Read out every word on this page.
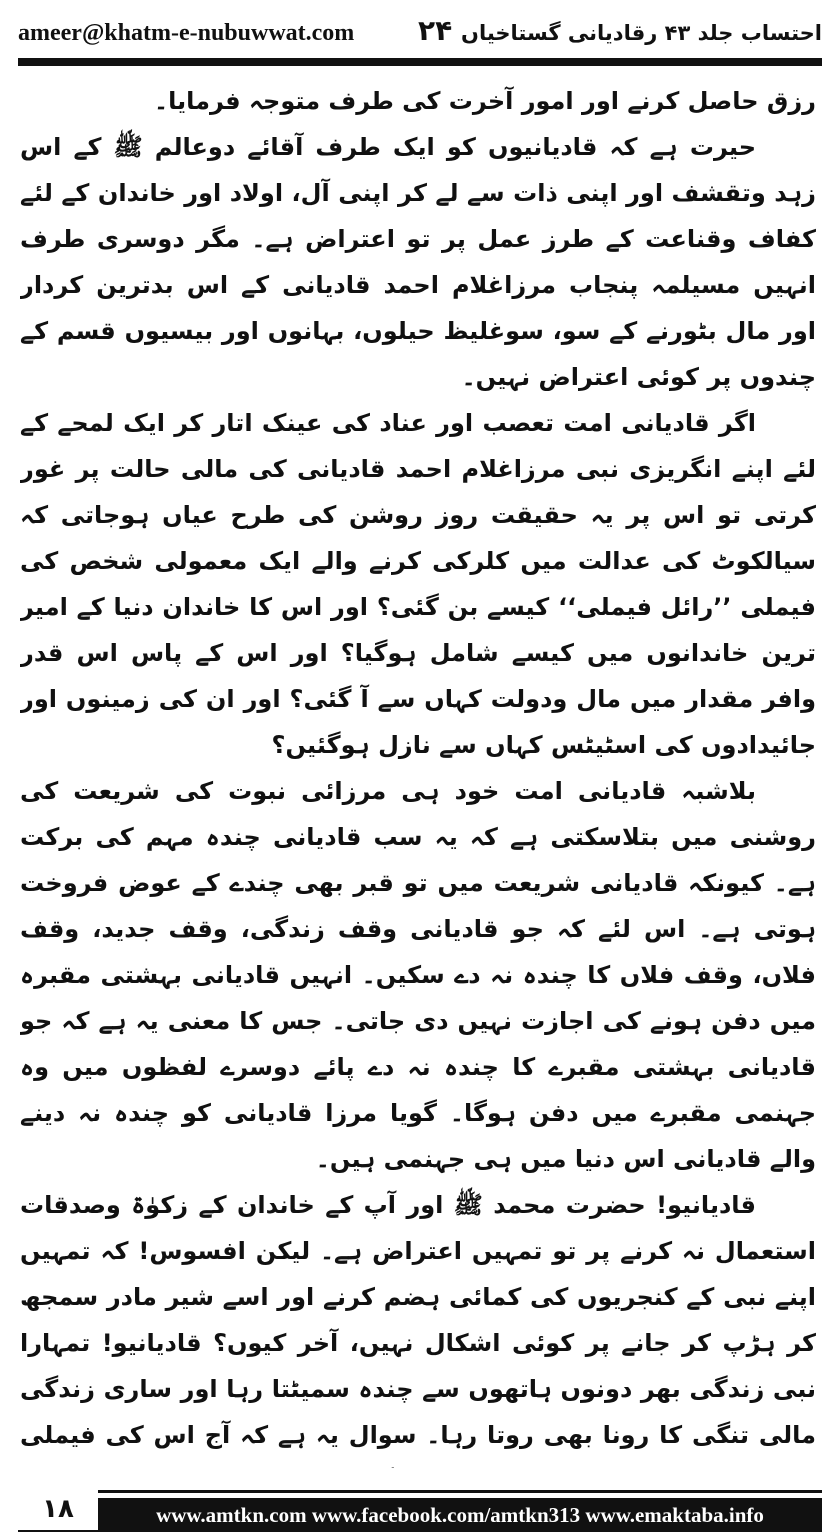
ameer@khatm-e-nubuwwat.com ۲۴ احتساب جلد ۴۳ رقادیانی گستاخیاں

رزق حاصل کرنے اور امور آخرت کی طرف متوجہ فرمایا۔

حیرت ہے کہ قادیانیوں کو ایک طرف آقائے دوعالم ﷺ کے اس زہد وتقشف اور اپنی ذات سے لے کر اپنی آل، اولاد اور خاندان کے لئے کفاف وقناعت کے طرز عمل پر تو اعتراض ہے۔ مگر دوسری طرف انہیں مسیلمہ پنجاب مرزاغلام احمد قادیانی کے اس بدترین کردار اور مال بٹورنے کے سو، سوغلیظ حیلوں، بہانوں اور بیسیوں قسم کے چندوں پر کوئی اعتراض نہیں۔

اگر قادیانی امت تعصب اور عناد کی عینک اتار کر ایک لمحے کے لئے اپنے انگریزی نبی مرزاغلام احمد قادیانی کی مالی حالت پر غور کرتی تو اس پر یہ حقیقت روز روشن کی طرح عیاں ہوجاتی کہ سیالکوٹ کی عدالت میں کلرکی کرنے والے ایک معمولی شخص کی فیملی ’’رائل فیملی‘‘ کیسے بن گئی؟ اور اس کا خاندان دنیا کے امیر ترین خاندانوں میں کیسے شامل ہوگیا؟ اور اس کے پاس اس قدر وافر مقدار میں مال ودولت کہاں سے آ گئی؟ اور ان کی زمینوں اور جائیدادوں کی اسٹیٹس کہاں سے نازل ہوگئیں؟

بلاشبہ قادیانی امت خود ہی مرزائی نبوت کی شریعت کی روشنی میں بتلاسکتی ہے کہ یہ سب قادیانی چندہ مہم کی برکت ہے۔ کیونکہ قادیانی شریعت میں تو قبر بھی چندے کے عوض فروخت ہوتی ہے۔ اس لئے کہ جو قادیانی وقف زندگی، وقف جدید، وقف فلاں، وقف فلاں کا چندہ نہ دے سکیں۔ انہیں قادیانی بہشتی مقبرہ میں دفن ہونے کی اجازت نہیں دی جاتی۔ جس کا معنی یہ ہے کہ جو قادیانی بہشتی مقبرے کا چندہ نہ دے پائے دوسرے لفظوں میں وہ جہنمی مقبرے میں دفن ہوگا۔ گویا مرزا قادیانی کو چندہ نہ دینے والے قادیانی اس دنیا میں ہی جہنمی ہیں۔

قادیانیو! حضرت محمد ﷺ اور آپ کے خاندان کے زکوٰۃ وصدقات استعمال نہ کرنے پر تو تمہیں اعتراض ہے۔ لیکن افسوس! کہ تمہیں اپنے نبی کے کنجریوں کی کمائی ہضم کرنے اور اسے شیر مادر سمجھ کر ہڑپ کر جانے پر کوئی اشکال نہیں، آخر کیوں؟ قادیانیو! تمہارا نبی زندگی بھر دونوں ہاتھوں سے چندہ سمیٹتا رہا اور ساری زندگی مالی تنگی کا رونا بھی روتا رہا۔ سوال یہ ہے کہ آج اس کی فیملی

۱۸	www.amtkn.com www.facebook.com/amtkn313 www.emaktaba.info
